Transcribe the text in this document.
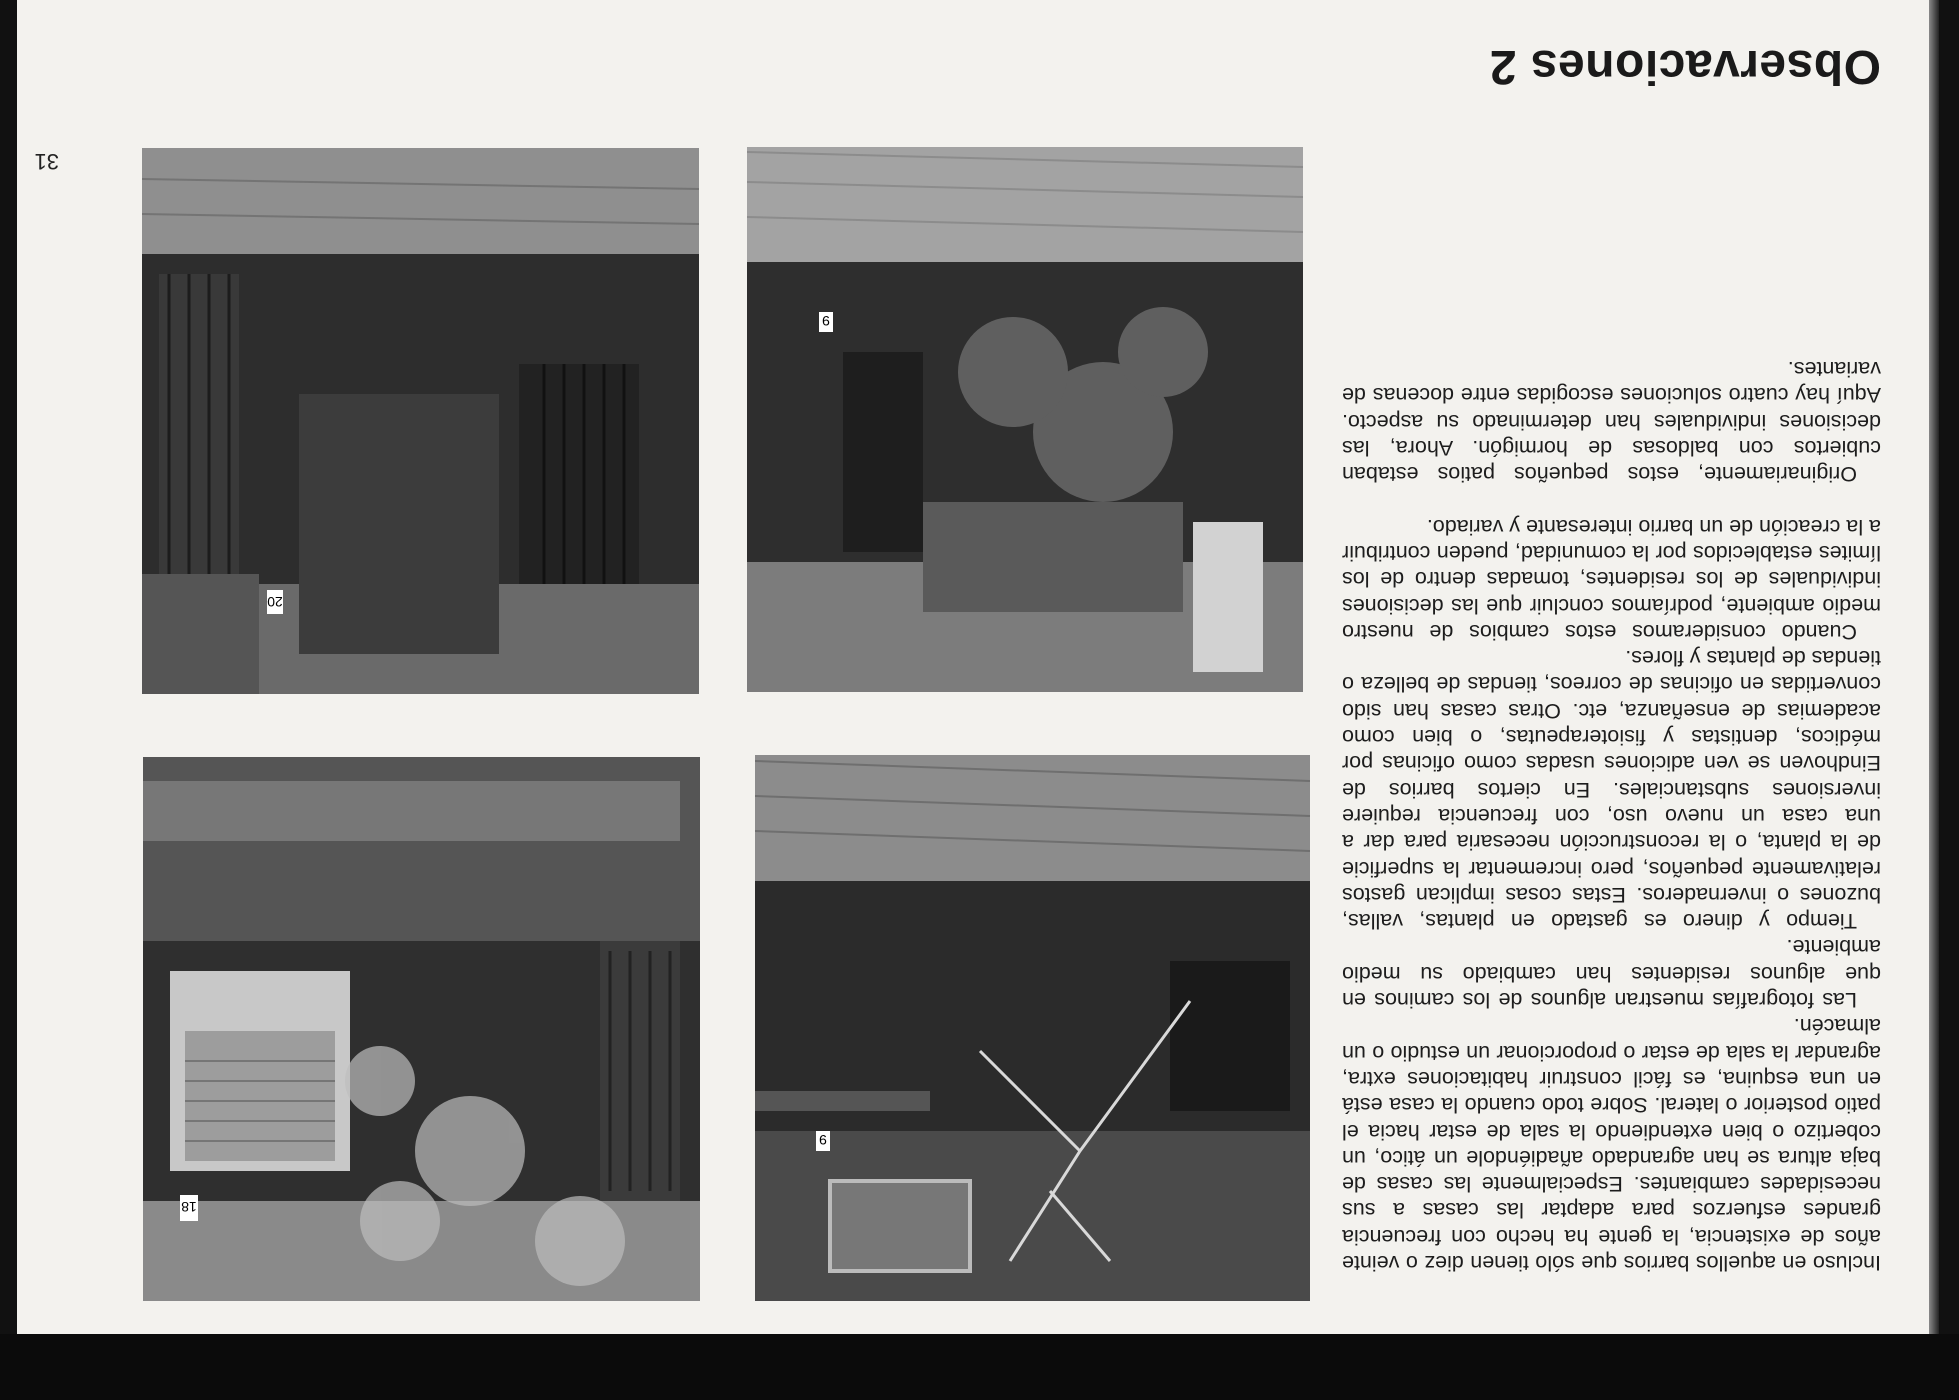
Observaciones 2

Incluso en aquellos barrios que sólo tienen diez o veinte años de existencia, la gente ha hecho con frecuencia grandes esfuerzos para adaptar las casas a sus necesidades cambiantes. Especialmente las casas de baja altura se han agrandado añadiéndole un ático, un cobertizo o bien extendiendo la sala de estar hacia el patio posterior o lateral. Sobre todo cuando la casa está en una esquina, es fácil construir habitaciones extra, agrandar la sala de estar o proporcionar un estudio o un almacén.

Las fotografías muestran algunos de los caminos en que algunos residentes han cambiado su medio ambiente.

Tiempo y dinero es gastado en plantas, vallas, buzones o invernaderos. Estas cosas implican gastos relativamente pequeños, pero incrementar la superficie de la planta, o la reconstrucción necesaria para dar a una casa un nuevo uso, con frecuencia requiere inversiones substanciales. En ciertos barrios de Eindhoven se ven adiciones usadas como oficinas por médicos, dentistas y fisioterapeutas, o bien como academias de enseñanza, etc. Otras casas han sido convertidas en oficinas de correos, tiendas de belleza o tiendas de plantas y flores.

Cuando consideramos estos cambios de nuestro medio ambiente, podríamos concluir que las decisiones individuales de los residentes, tomadas dentro de los límites establecidos por la comunidad, pueden contribuir a la creación de un barrio interesante y variado.

Originariamente, estos pequeños patios estaban cubiertos con baldosas de hormigón. Ahora, las decisiones individuales han determinado su aspecto. Aquí hay cuatro soluciones escogidas entre docenas de variantes.

31
9
18
9
20
